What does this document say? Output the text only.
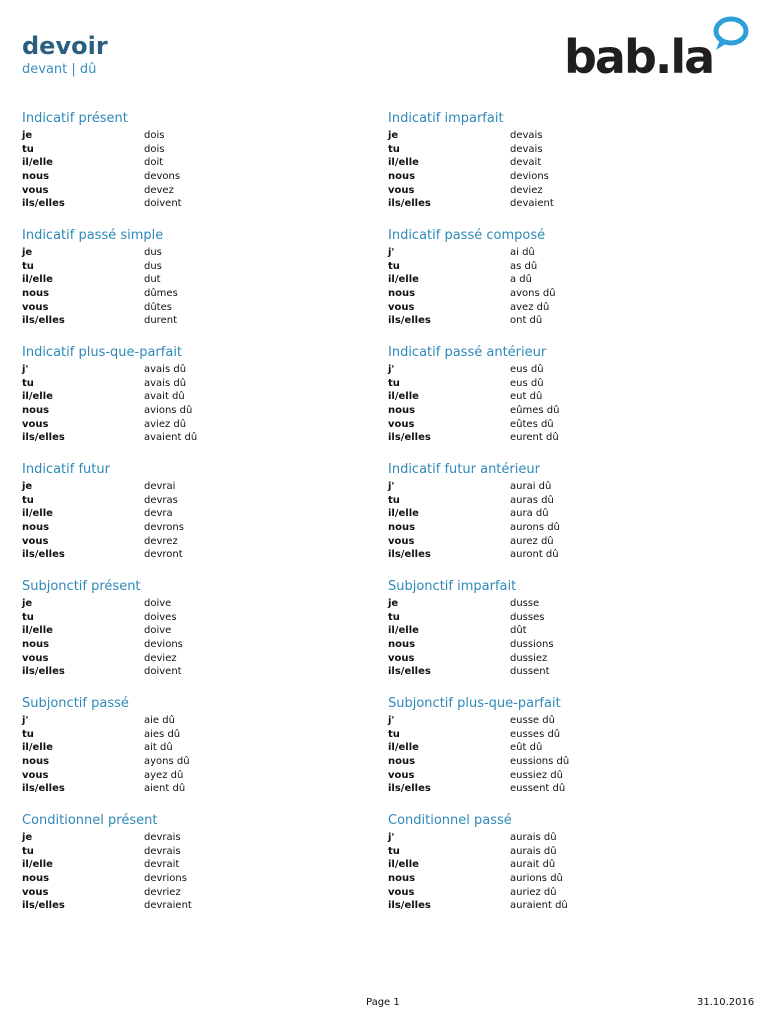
devoir
devant | dû	bab.la
Indicatif présent
je	dois
tu	dois
il/elle	doit
nous	devons
vous	devez
ils/elles	doivent
Indicatif imparfait
je	devais
tu	devais
il/elle	devait
nous	devions
vous	deviez
ils/elles	devaient
Indicatif passé simple
je	dus
tu	dus
il/elle	dut
nous	dûmes
vous	dûtes
ils/elles	durent
Indicatif passé composé
j'	ai dû
tu	as dû
il/elle	a dû
nous	avons dû
vous	avez dû
ils/elles	ont dû
Indicatif plus-que-parfait
j'	avais dû
tu	avais dû
il/elle	avait dû
nous	avions dû
vous	aviez dû
ils/elles	avaient dû
Indicatif passé antérieur
j'	eus dû
tu	eus dû
il/elle	eut dû
nous	eûmes dû
vous	eûtes dû
ils/elles	eurent dû
Indicatif futur
je	devrai
tu	devras
il/elle	devra
nous	devrons
vous	devrez
ils/elles	devront
Indicatif futur antérieur
j'	aurai dû
tu	auras dû
il/elle	aura dû
nous	aurons dû
vous	aurez dû
ils/elles	auront dû
Subjonctif présent
je	doive
tu	doives
il/elle	doive
nous	devions
vous	deviez
ils/elles	doivent
Subjonctif imparfait
je	dusse
tu	dusses
il/elle	dût
nous	dussions
vous	dussiez
ils/elles	dussent
Subjonctif passé
j'	aie dû
tu	aies dû
il/elle	ait dû
nous	ayons dû
vous	ayez dû
ils/elles	aient dû
Subjonctif plus-que-parfait
j'	eusse dû
tu	eusses dû
il/elle	eût dû
nous	eussions dû
vous	eussiez dû
ils/elles	eussent dû
Conditionnel présent
je	devrais
tu	devrais
il/elle	devrait
nous	devrions
vous	devriez
ils/elles	devraient
Conditionnel passé
j'	aurais dû
tu	aurais dû
il/elle	aurait dû
nous	aurions dû
vous	auriez dû
ils/elles	auraient dû
Page 1	31.10.2016
